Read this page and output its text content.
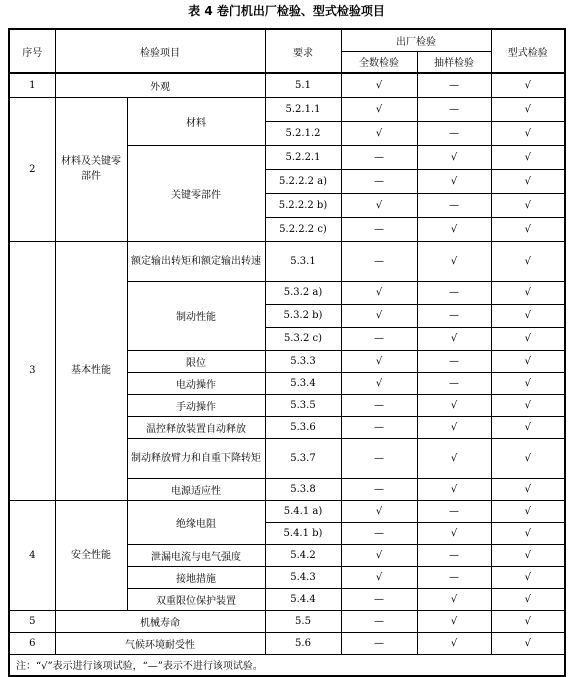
表 4 卷门机出厂检验、型式检验项目
序号	检验项目		要求	出厂检验		型式检验
				全数检验	抽样检验	
1	外观		5.1	√	—	√
2	材料及关键零部件	材料	5.2.1.1	√	—	√
			5.2.1.2	√	—	√
		关键零部件	5.2.2.1	—	√	√
			5.2.2.2 a)	—	√	√
			5.2.2.2 b)	√	—	√
			5.2.2.2 c)	—	√	√
3	基本性能	额定输出转矩和额定输出转速	5.3.1	—	√	√
		制动性能	5.3.2 a)	√	—	√
			5.3.2 b)	√	—	√
			5.3.2 c)	—	√	√
		限位	5.3.3	√	—	√
		电动操作	5.3.4	√	—	√
		手动操作	5.3.5	—	√	√
		温控释放装置自动释放	5.3.6	—	√	√
		制动释放臂力和自重下降转矩	5.3.7	—	√	√
		电源适应性	5.3.8	—	√	√
4	安全性能	绝缘电阻	5.4.1 a)	√	—	√
			5.4.1 b)	—	√	√
		泄漏电流与电气强度	5.4.2	√	—	√
		接地措施	5.4.3	√	—	√
		双重限位保护装置	5.4.4	—	√	√
5	机械寿命		5.5	—	√	√
6	气候环境耐受性		5.6	—	√	√
注：“√”表示进行该项试验，“—”表示不进行该项试验。						
